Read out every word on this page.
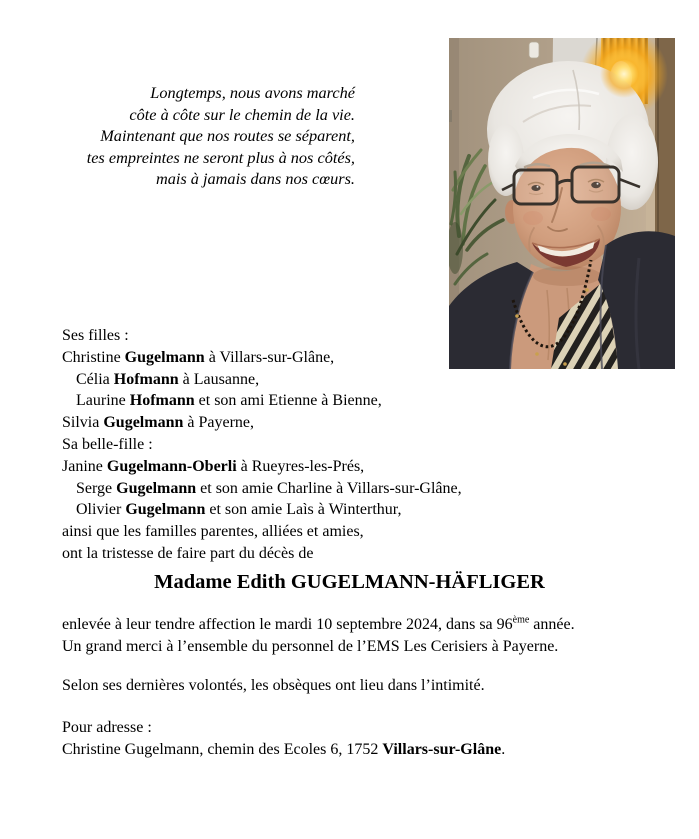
Longtemps, nous avons marché
côte à côte sur le chemin de la vie.
Maintenant que nos routes se séparent,
tes empreintes ne seront plus à nos côtés,
mais à jamais dans nos cœurs.
Ses filles :
Christine Gugelmann à Villars-sur-Glâne,
Célia Hofmann à Lausanne,
Laurine Hofmann et son ami Etienne à Bienne,
Silvia Gugelmann à Payerne,
Sa belle-fille :
Janine Gugelmann-Oberli à Rueyres-les-Prés,
Serge Gugelmann et son amie Charline à Villars-sur-Glâne,
Olivier Gugelmann et son amie Laìs à Winterthur,
ainsi que les familles parentes, alliées et amies,
ont la tristesse de faire part du décès de
Madame Edith GUGELMANN-HÄFLIGER
enlevée à leur tendre affection le mardi 10 septembre 2024, dans sa 96ème année.
Un grand merci à l’ensemble du personnel de l’EMS Les Cerisiers à Payerne.
Selon ses dernières volontés, les obsèques ont lieu dans l’intimité.
Pour adresse :
Christine Gugelmann, chemin des Ecoles 6, 1752 Villars-sur-Glâne.
